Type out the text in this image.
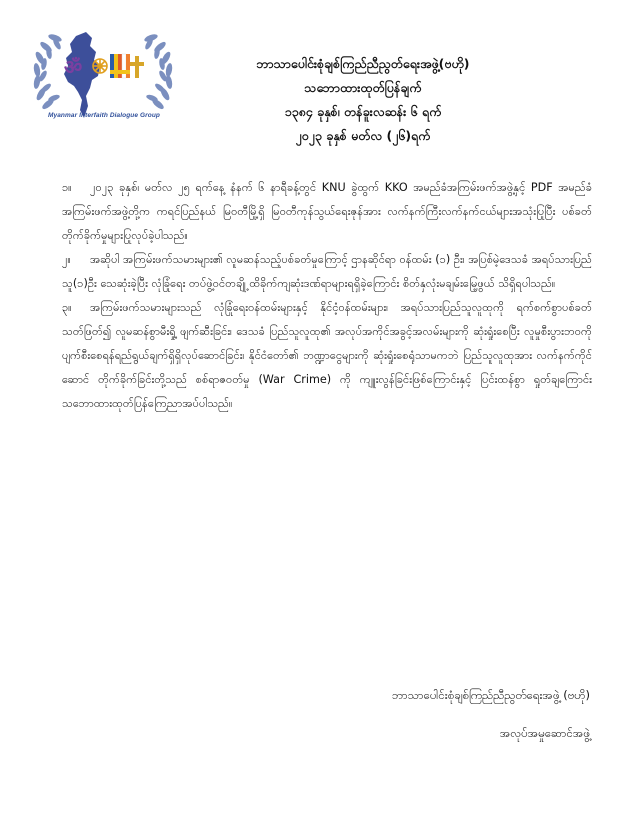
ॐ
Myanmar Interfaith Dialogue Group
ဘာသာပေါင်းစုံချစ်ကြည်ညီညွတ်ရေးအဖွဲ့(ဗဟို)
သဘောထားထုတ်ပြန်ချက်
၁၃၈၄ ခုနှစ်၊ တန်ခူးလဆန်း ၆ ရက်
၂၀၂၃ ခုနှစ် မတ်လ (၂၆)ရက်

၁။ ၂၀၂၃ ခုနှစ်၊ မတ်လ ၂၅ ရက်နေ့ နံနက် ၆ နာရီခန့်တွင် KNU ခွဲထွက် KKO အမည်ခံအကြမ်းဖက်အဖွဲ့နှင့် PDF အမည်ခံ အကြမ်းဖက်အဖွဲ့တို့က ကရင်ပြည်နယ် မြဝတီမြို့ရှိ မြဝတီကုန်သွယ်ရေးဇုန်အား လက်နက်ကြီးလက်နက်ငယ်များအသုံးပြုပြီး ပစ်ခတ်တိုက်ခိုက်မှုများပြုလုပ်ခဲ့ပါသည်။

၂။ အဆိုပါ အကြမ်းဖက်သမားများ၏ လူမဆန်သည့်ပစ်ခတ်မှုကြောင့် ဌာနဆိုင်ရာ ဝန်ထမ်း (၁) ဦး၊ အပြစ်မဲ့ဒေသခံ အရပ်သားပြည်သူ(၁)ဦး သေဆုံးခဲ့ပြီး လုံခြုံရေး တပ်ဖွဲ့ဝင်တချို့ ထိခိုက်ကျဆုံးဒဏ်ရာများရရှိခဲ့ကြောင်း စိတ်နှလုံးမချမ်းမြေ့ဖွယ် သိရှိရပါသည်။

၃။ အကြမ်းဖက်သမားများသည် လုံခြုံရေးဝန်ထမ်းများနှင့် နိုင်ငံ့ဝန်ထမ်းများ၊ အရပ်သားပြည်သူလူထုကို ရက်စက်စွာပစ်ခတ်သတ်ဖြတ်၍ လူမဆန်စွာမီးရှို့ ဖျက်ဆီးခြင်း၊ ဒေသခံ ပြည်သူလူထု၏ အလုပ်အကိုင်အခွင့်အလမ်းများကို ဆုံးရှုံးစေပြီး လူမှုစီးပွားဘဝကို ပျက်စီးစေရန်ရည်ရွယ်ချက်ရှိရှိလုပ်ဆောင်ခြင်း၊ နိုင်ငံတော်၏ ဘဏ္ဍာငွေများကို ဆုံးရှုံးစေရုံသာမကဘဲ ပြည်သူလူထုအား လက်နက်ကိုင်ဆောင် တိုက်ခိုက်ခြင်းတို့သည် စစ်ရာဇဝတ်မှု (War Crime) ကို ကျူးလွန်ခြင်းဖြစ်ကြောင်းနှင့် ပြင်းထန်စွာ ရှုတ်ချကြောင်း သဘောထားထုတ်ပြန်ကြေညာအပ်ပါသည်။

ဘာသာပေါင်းစုံချစ်ကြည်ညီညွတ်ရေးအဖွဲ့ (ဗဟို)
အလုပ်အမှုဆောင်အဖွဲ့
